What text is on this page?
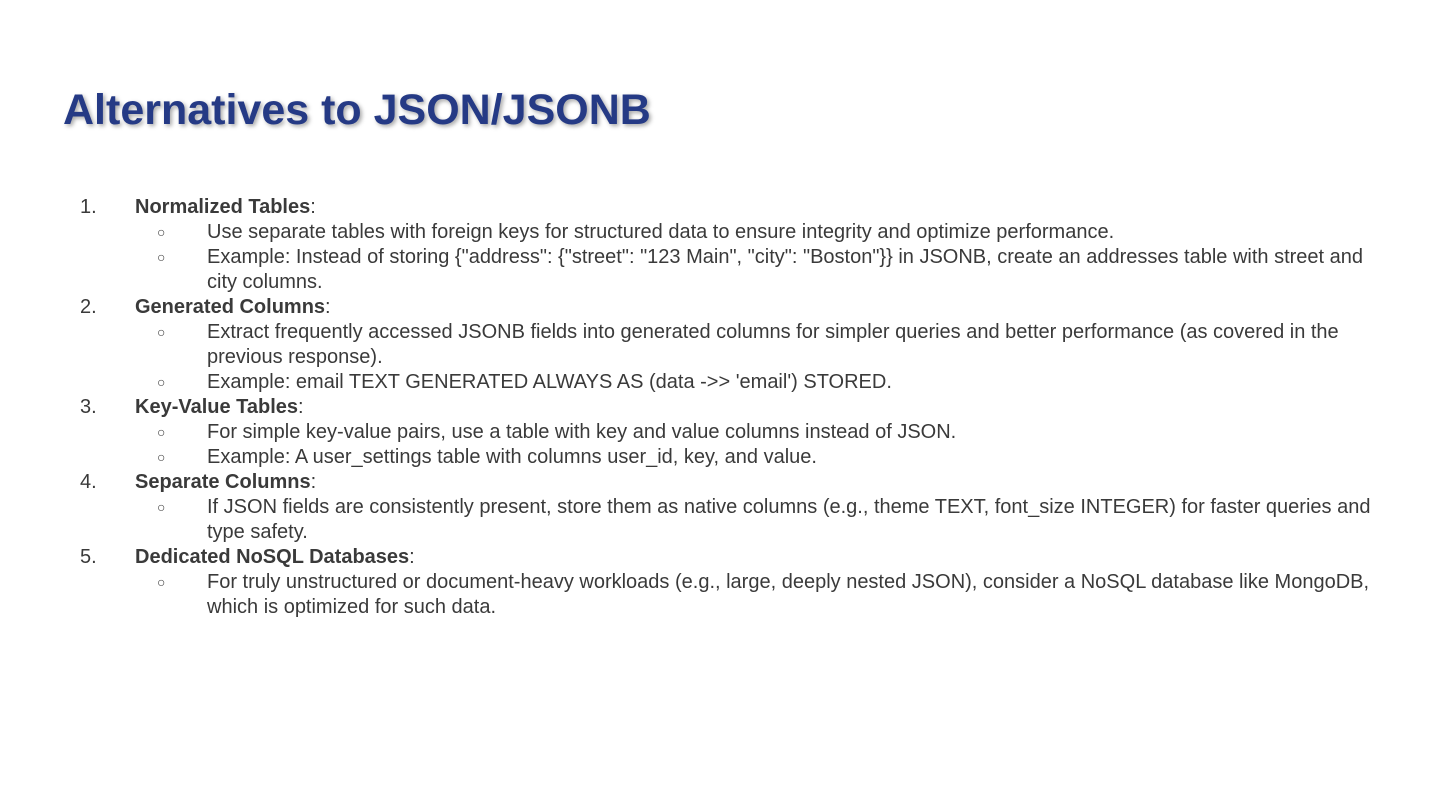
Alternatives to JSON/JSONB
1. Normalized Tables:
○ Use separate tables with foreign keys for structured data to ensure integrity and optimize performance.
○ Example: Instead of storing {"address": {"street": "123 Main", "city": "Boston"}} in JSONB, create an addresses table with street and city columns.
2. Generated Columns:
○ Extract frequently accessed JSONB fields into generated columns for simpler queries and better performance (as covered in the previous response).
○ Example: email TEXT GENERATED ALWAYS AS (data ->> 'email') STORED.
3. Key-Value Tables:
○ For simple key-value pairs, use a table with key and value columns instead of JSON.
○ Example: A user_settings table with columns user_id, key, and value.
4. Separate Columns:
○ If JSON fields are consistently present, store them as native columns (e.g., theme TEXT, font_size INTEGER) for faster queries and type safety.
5. Dedicated NoSQL Databases:
○ For truly unstructured or document-heavy workloads (e.g., large, deeply nested JSON), consider a NoSQL database like MongoDB, which is optimized for such data.
